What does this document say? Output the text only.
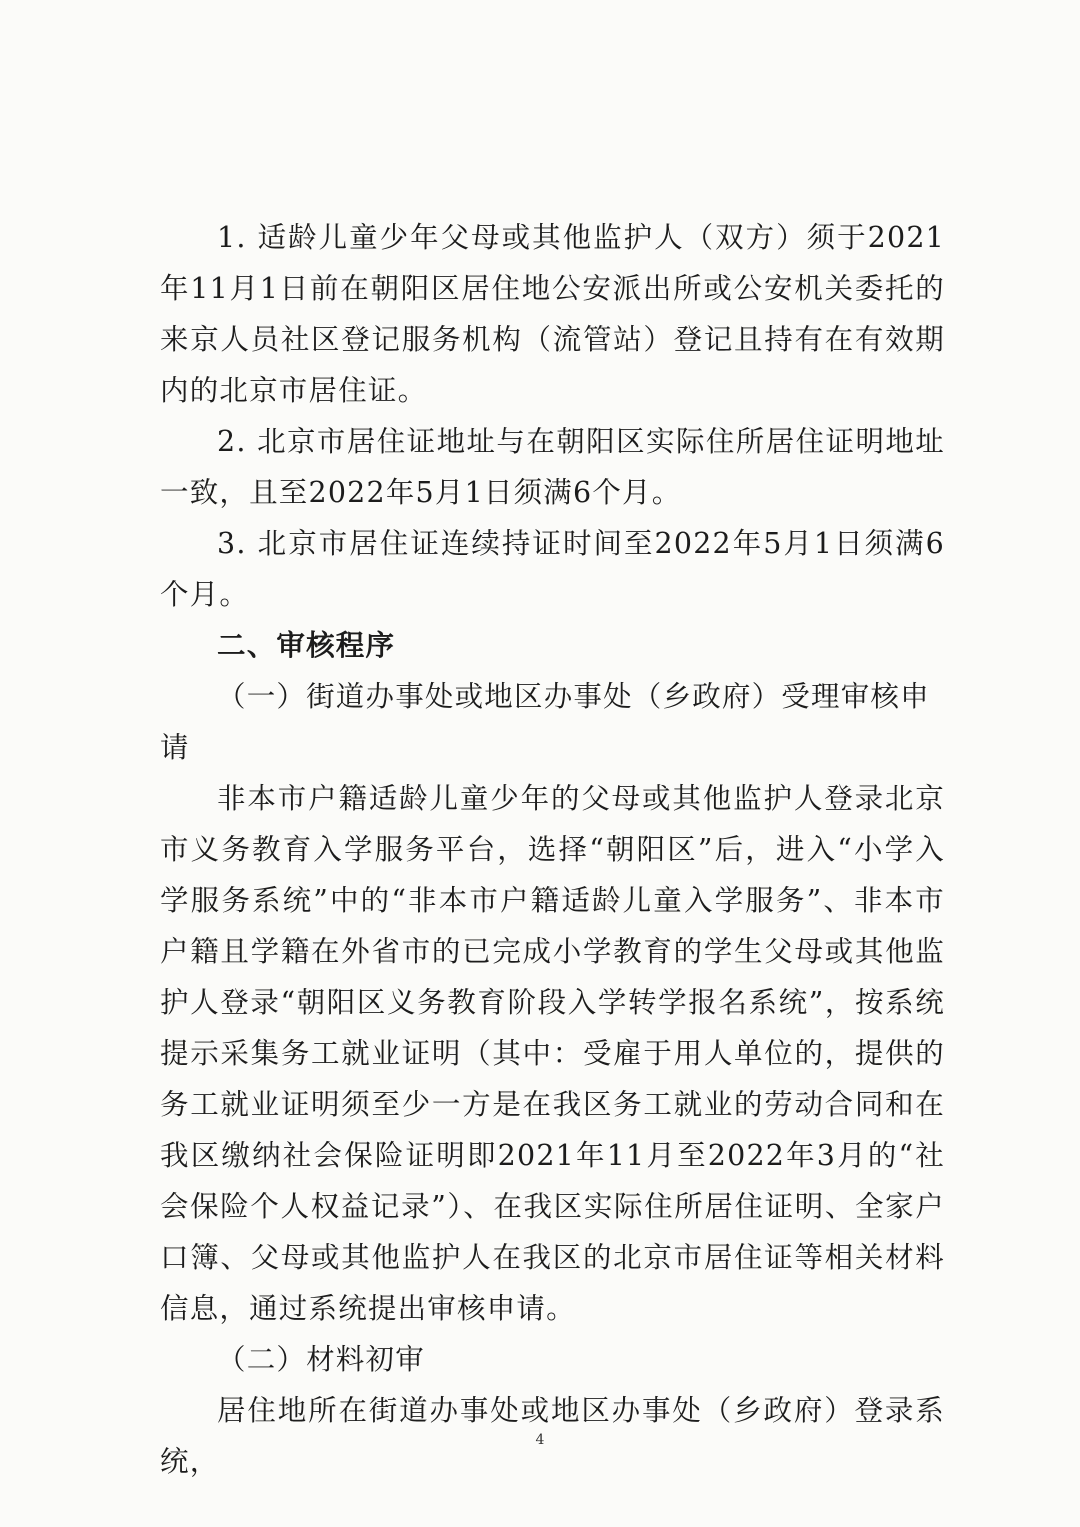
1. 适龄儿童少年父母或其他监护人（双方）须于2021年11月1日前在朝阳区居住地公安派出所或公安机关委托的来京人员社区登记服务机构（流管站）登记且持有在有效期内的北京市居住证。

2. 北京市居住证地址与在朝阳区实际住所居住证明地址一致，且至2022年5月1日须满6个月。

3. 北京市居住证连续持证时间至2022年5月1日须满6个月。

二、审核程序

（一）街道办事处或地区办事处（乡政府）受理审核申请

非本市户籍适龄儿童少年的父母或其他监护人登录北京市义务教育入学服务平台，选择“朝阳区”后，进入“小学入学服务系统”中的“非本市户籍适龄儿童入学服务”、非本市户籍且学籍在外省市的已完成小学教育的学生父母或其他监护人登录“朝阳区义务教育阶段入学转学报名系统”，按系统提示采集务工就业证明（其中：受雇于用人单位的，提供的务工就业证明须至少一方是在我区务工就业的劳动合同和在我区缴纳社会保险证明即2021年11月至2022年3月的“社会保险个人权益记录”）、在我区实际住所居住证明、全家户口簿、父母或其他监护人在我区的北京市居住证等相关材料信息，通过系统提出审核申请。

（二）材料初审

居住地所在街道办事处或地区办事处（乡政府）登录系统，

4
